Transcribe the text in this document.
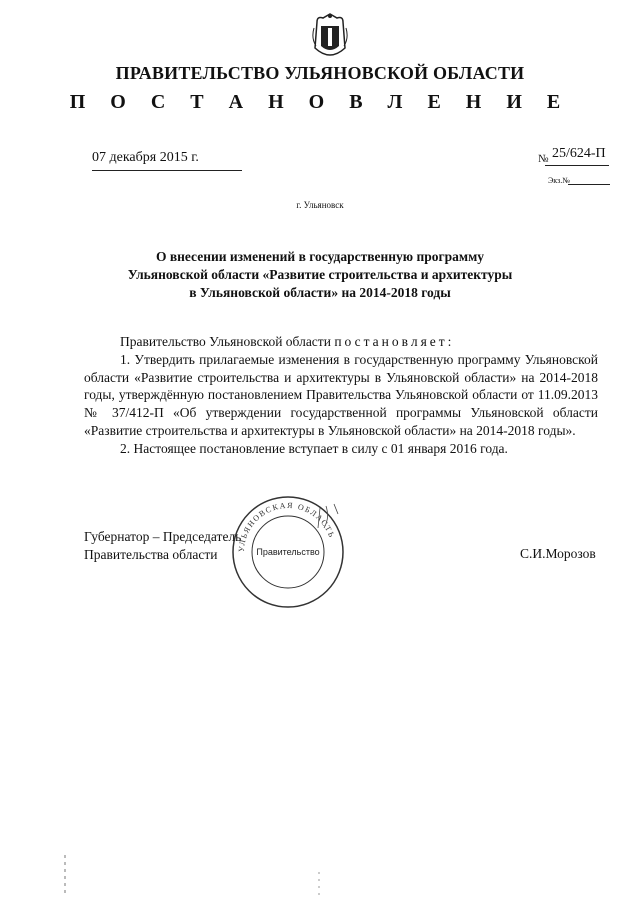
ПРАВИТЕЛЬСТВО УЛЬЯНОВСКОЙ ОБЛАСТИ
П О С Т А Н О В Л Е Н И Е
07 декабря 2015 г.	№ 25/624-П
Экз.№
г. Ульяновск
О внесении изменений в государственную программу
Ульяновской области «Развитие строительства и архитектуры
в Ульяновской области» на 2014-2018 годы

Правительство Ульяновской области постановляет:

1. Утвердить прилагаемые изменения в государственную программу Ульяновской области «Развитие строительства и архитектуры в Ульяновской области» на 2014-2018 годы, утверждённую постановлением Правительства Ульяновской области от 11.09.2013 № 37/412-П «Об утверждении государственной программы Ульяновской области «Развитие строительства и архитектуры в Ульяновской области» на 2014-2018 годы».

2. Настоящее постановление вступает в силу с 01 января 2016 года.

Губернатор – Председатель
Правительства области	С.И.Морозов
УЛЬЯНОВСКАЯ ОБЛАСТЬ
Правительство
